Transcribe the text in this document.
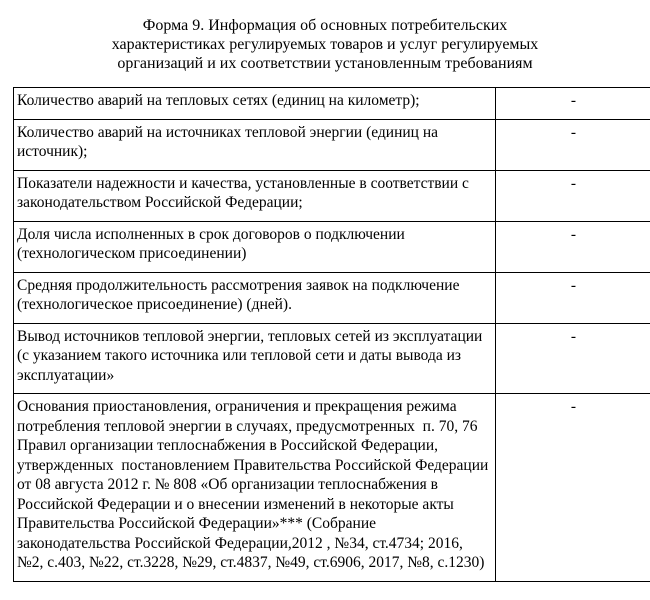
Форма 9. Информация об основных потребительских
характеристиках регулируемых товаров и услуг регулируемых
организаций и их соответствии установленным требованиям
Количество аварий на тепловых сетях (единиц на километр);	-
Количество аварий на источниках тепловой энергии (единиц на источник);	-
Показатели надежности и качества, установленные в соответствии с законодательством Российской Федерации;	-
Доля числа исполненных в срок договоров о подключении (технологическом присоединении)	-
Средняя продолжительность рассмотрения заявок на подключение (технологическое присоединение) (дней).	-
Вывод источников тепловой энергии, тепловых сетей из эксплуатации (с указанием такого источника или тепловой сети и даты вывода из эксплуатации»	-
Основания приостановления, ограничения и прекращения режима потребления тепловой энергии в случаях, предусмотренных  п. 70, 76 Правил организации теплоснабжения в Российской Федерации, утвержденных  постановлением Правительства Российской Федерации от 08 августа 2012 г. № 808 «Об организации теплоснабжения в Российской Федерации и о внесении изменений в некоторые акты Правительства Российской Федерации»*** (Собрание законодательства Российской Федерации,2012 , №34, ст.4734; 2016, №2, с.403, №22, ст.3228, №29, ст.4837, №49, ст.6906, 2017, №8, с.1230)	-
